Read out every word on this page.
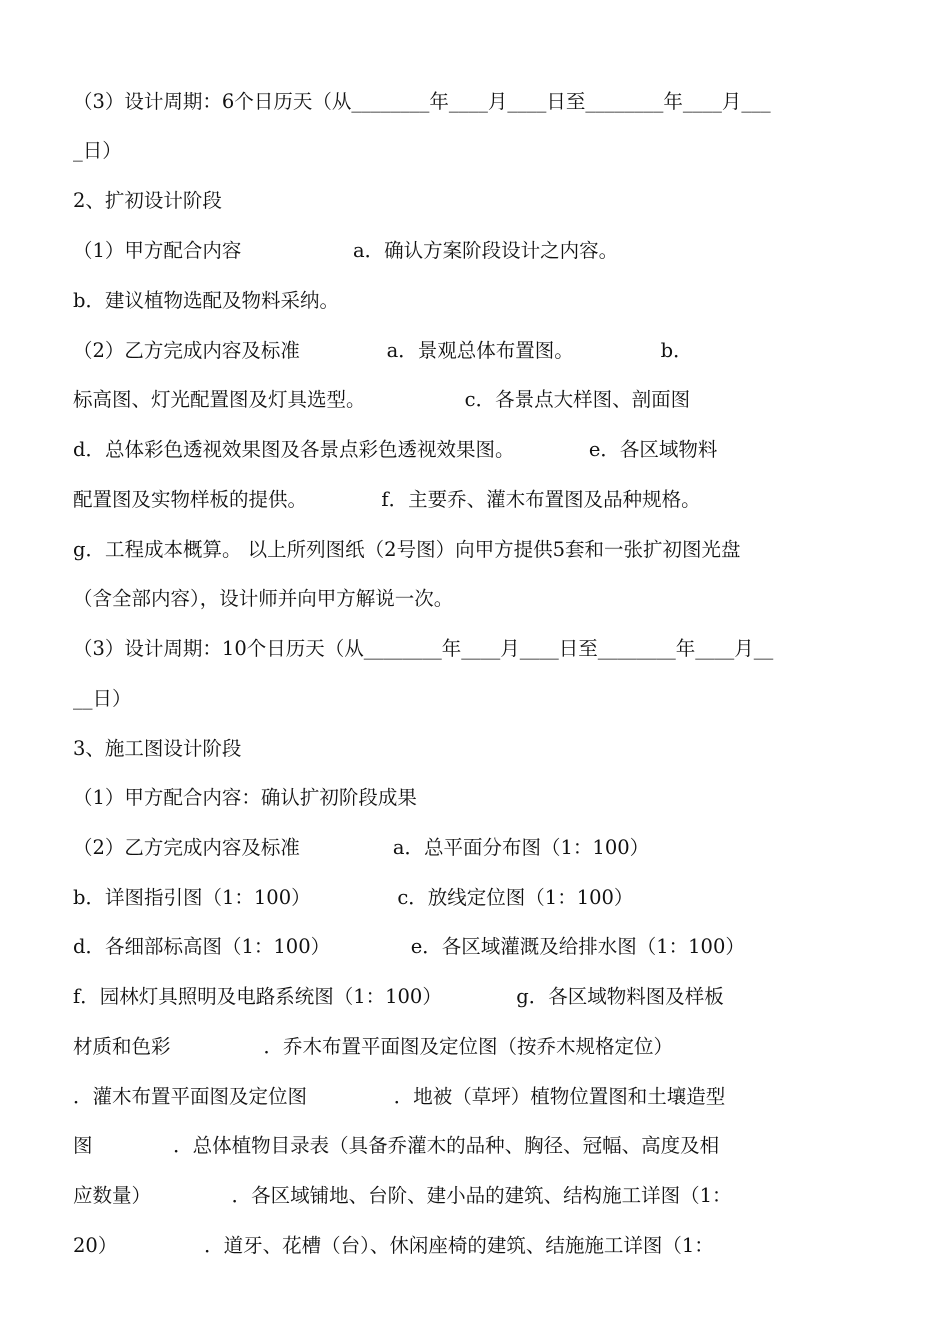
（3）设计周期：6个日历天（从________年____月____日至________年____月___
_日）
2、扩初设计阶段
（1）甲方配合内容                  a．确认方案阶段设计之内容。
b．建议植物选配及物料采纳。
（2）乙方完成内容及标准              a．景观总体布置图。              b．
标高图、灯光配置图及灯具选型。                c．各景点大样图、剖面图
d．总体彩色透视效果图及各景点彩色透视效果图。            e．各区域物料
配置图及实物样板的提供。            f．主要乔、灌木布置图及品种规格。
g．工程成本概算。 以上所列图纸（2号图）向甲方提供5套和一张扩初图光盘
（含全部内容），设计师并向甲方解说一次。
（3）设计周期：10个日历天（从________年____月____日至________年____月__
__日）
3、施工图设计阶段
（1）甲方配合内容：确认扩初阶段成果
（2）乙方完成内容及标准               a．总平面分布图（1：100）
b．详图指引图（1：100）              c．放线定位图（1：100）
d．各细部标高图（1：100）             e．各区域灌溉及给排水图（1：100）
f．园林灯具照明及电路系统图（1：100）            g．各区域物料图及样板
材质和色彩               ．乔木布置平面图及定位图（按乔木规格定位）
．灌木布置平面图及定位图              ．地被（草坪）植物位置图和土壤造型
图             ．总体植物目录表（具备乔灌木的品种、胸径、冠幅、高度及相
应数量）             ．各区域铺地、台阶、建小品的建筑、结构施工详图（1：
20）              ．道牙、花槽（台）、休闲座椅的建筑、结施施工详图（1：
